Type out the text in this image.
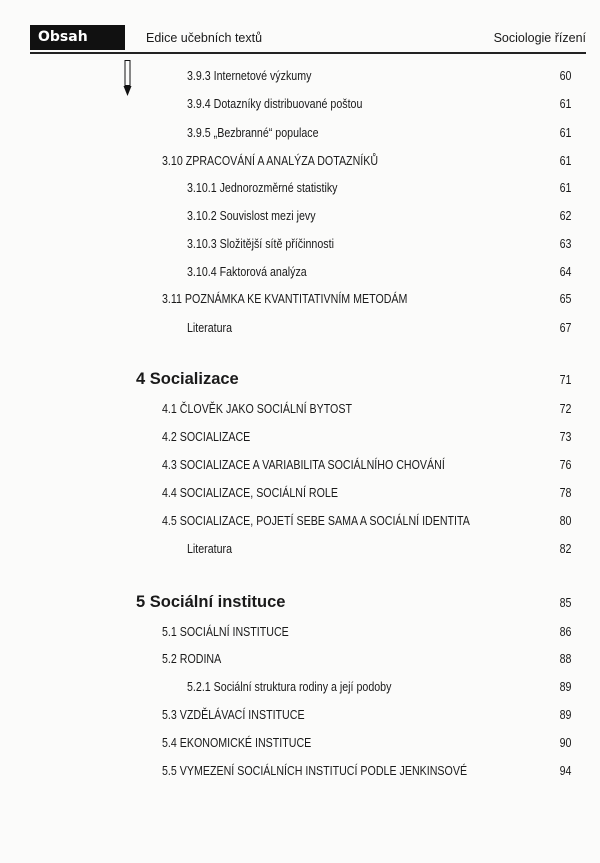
Obsah	Edice učebních textů	Sociologie řízení
3.9.3 Internetové výzkumy	60
3.9.4 Dotazníky distribuované poštou	61
3.9.5 „Bezbranné“ populace	61
3.10 ZPRACOVÁNÍ A ANALÝZA DOTAZNÍKŮ	61
3.10.1 Jednorozměrné statistiky	61
3.10.2 Souvislost mezi jevy	62
3.10.3 Složitější sítě příčinnosti	63
3.10.4 Faktorová analýza	64
3.11 POZNÁMKA KE KVANTITATIVNÍM METODÁM	65
Literatura	67
4 Socializace	71
4.1 ČLOVĚK JAKO SOCIÁLNÍ BYTOST	72
4.2 SOCIALIZACE	73
4.3 SOCIALIZACE A VARIABILITA SOCIÁLNÍHO CHOVÁNÍ	76
4.4 SOCIALIZACE, SOCIÁLNÍ ROLE	78
4.5 SOCIALIZACE, POJETÍ SEBE SAMA A SOCIÁLNÍ IDENTITA	80
Literatura	82
5 Sociální instituce	85
5.1 SOCIÁLNÍ INSTITUCE	86
5.2 RODINA	88
5.2.1 Sociální struktura rodiny a její podoby	89
5.3 VZDĚLÁVACÍ INSTITUCE	89
5.4 EKONOMICKÉ INSTITUCE	90
5.5 VYMEZENÍ SOCIÁLNÍCH INSTITUCÍ PODLE JENKINSOVÉ	94
